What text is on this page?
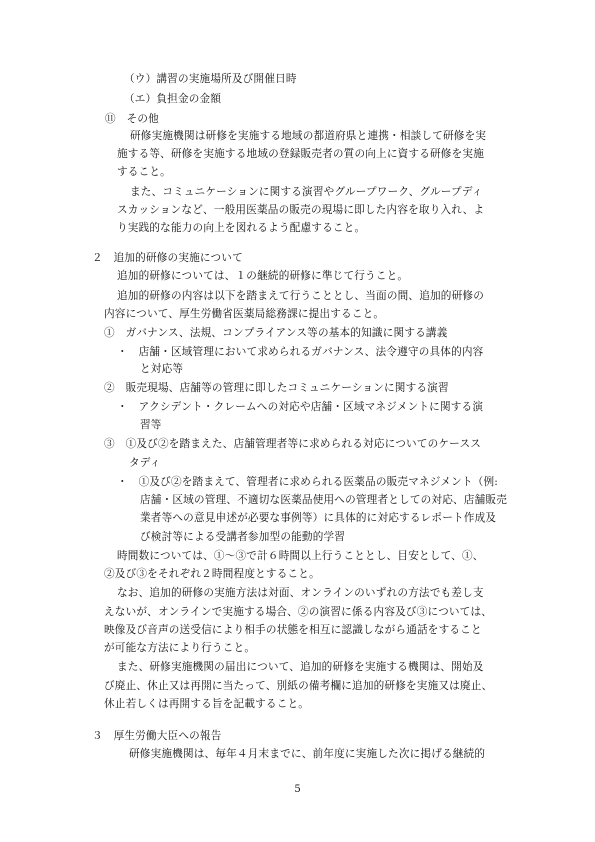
（ウ）講習の実施場所及び開催日時
（エ）負担金の金額
⑪　その他
研修実施機関は研修を実施する地域の都道府県と連携・相談して研修を実
施する等、研修を実施する地域の登録販売者の質の向上に資する研修を実施
すること。
また、コミュニケーションに関する演習やグループワーク、グループディ
スカッションなど、一般用医薬品の販売の現場に即した内容を取り入れ、よ
り実践的な能力の向上を図れるよう配慮すること。
２　追加的研修の実施について
追加的研修については、１の継続的研修に準じて行うこと。
追加的研修の内容は以下を踏まえて行うこととし、当面の間、追加的研修の
内容について、厚生労働省医薬局総務課に提出すること。
①　ガバナンス、法規、コンプライアンス等の基本的知識に関する講義
・　店舗・区域管理において求められるガバナンス、法令遵守の具体的内容
と対応等
②　販売現場、店舗等の管理に即したコミュニケーションに関する演習
・　アクシデント・クレームへの対応や店舗・区域マネジメントに関する演
習等
③　①及び②を踏まえた、店舗管理者等に求められる対応についてのケースス
タディ
・　①及び②を踏まえて、管理者に求められる医薬品の販売マネジメント（例:
店舗・区域の管理、不適切な医薬品使用への管理者としての対応、店舗販売
業者等への意見申述が必要な事例等）に具体的に対応するレポート作成及
び検討等による受講者参加型の能動的学習
時間数については、①～③で計６時間以上行うこととし、目安として、①、
②及び③をそれぞれ２時間程度とすること。
なお、追加的研修の実施方法は対面、オンラインのいずれの方法でも差し支
えないが、オンラインで実施する場合、②の演習に係る内容及び③については、
映像及び音声の送受信により相手の状態を相互に認識しながら通話をすること
が可能な方法により行うこと。
また、研修実施機関の届出について、追加的研修を実施する機関は、開始及
び廃止、休止又は再開に当たって、別紙の備考欄に追加的研修を実施又は廃止、
休止若しくは再開する旨を記載すること。
３　厚生労働大臣への報告
研修実施機関は、毎年４月末までに、前年度に実施した次に掲げる継続的
5
